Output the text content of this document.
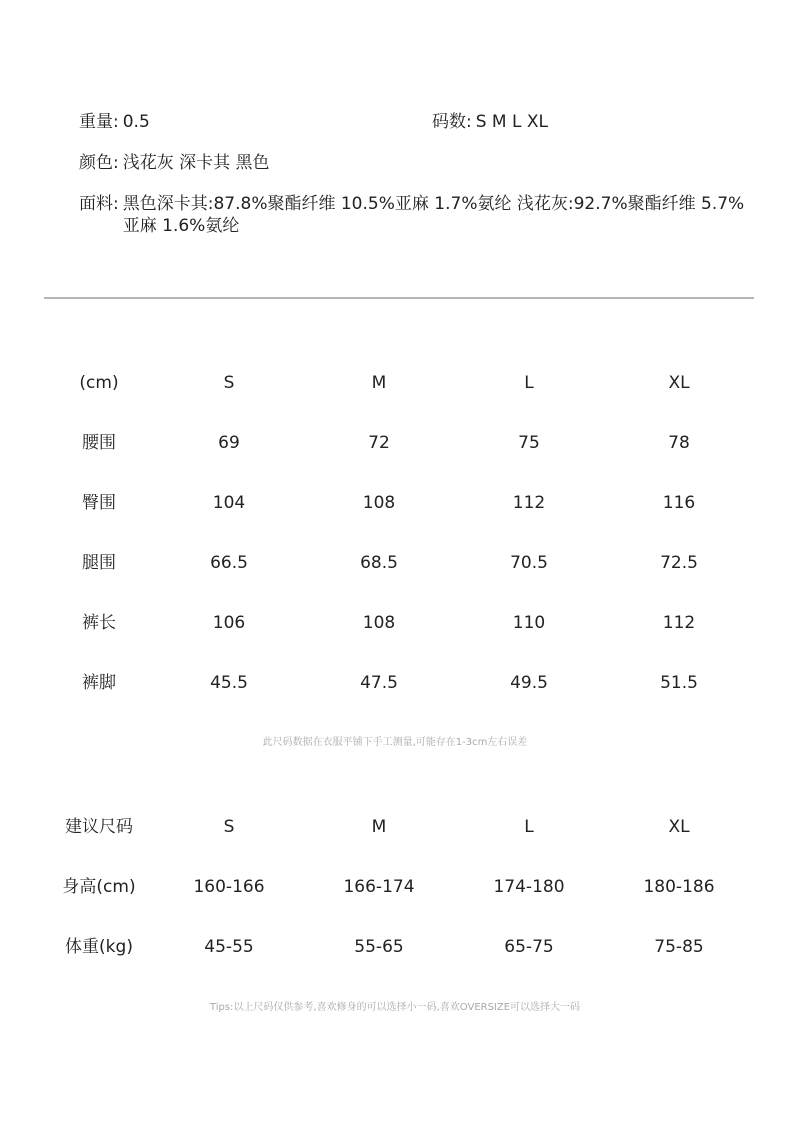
重量: 0.5	码数: S M L XL
颜色: 浅花灰 深卡其 黑色
面料: 黑色深卡其:87.8%聚酯纤维 10.5%亚麻 1.7%氨纶 浅花灰:92.7%聚酯纤维 5.7%亚麻 1.6%氨纶
(cm)	S	M	L	XL
腰围	69	72	75	78
臀围	104	108	112	116
腿围	66.5	68.5	70.5	72.5
裤长	106	108	110	112
裤脚	45.5	47.5	49.5	51.5
此尺码数据在衣服平铺下手工测量,可能存在1-3cm左右误差
建议尺码	S	M	L	XL
身高(cm)	160-166	166-174	174-180	180-186
体重(kg)	45-55	55-65	65-75	75-85
Tips:以上尺码仅供参考,喜欢修身的可以选择小一码,喜欢OVERSIZE可以选择大一码
